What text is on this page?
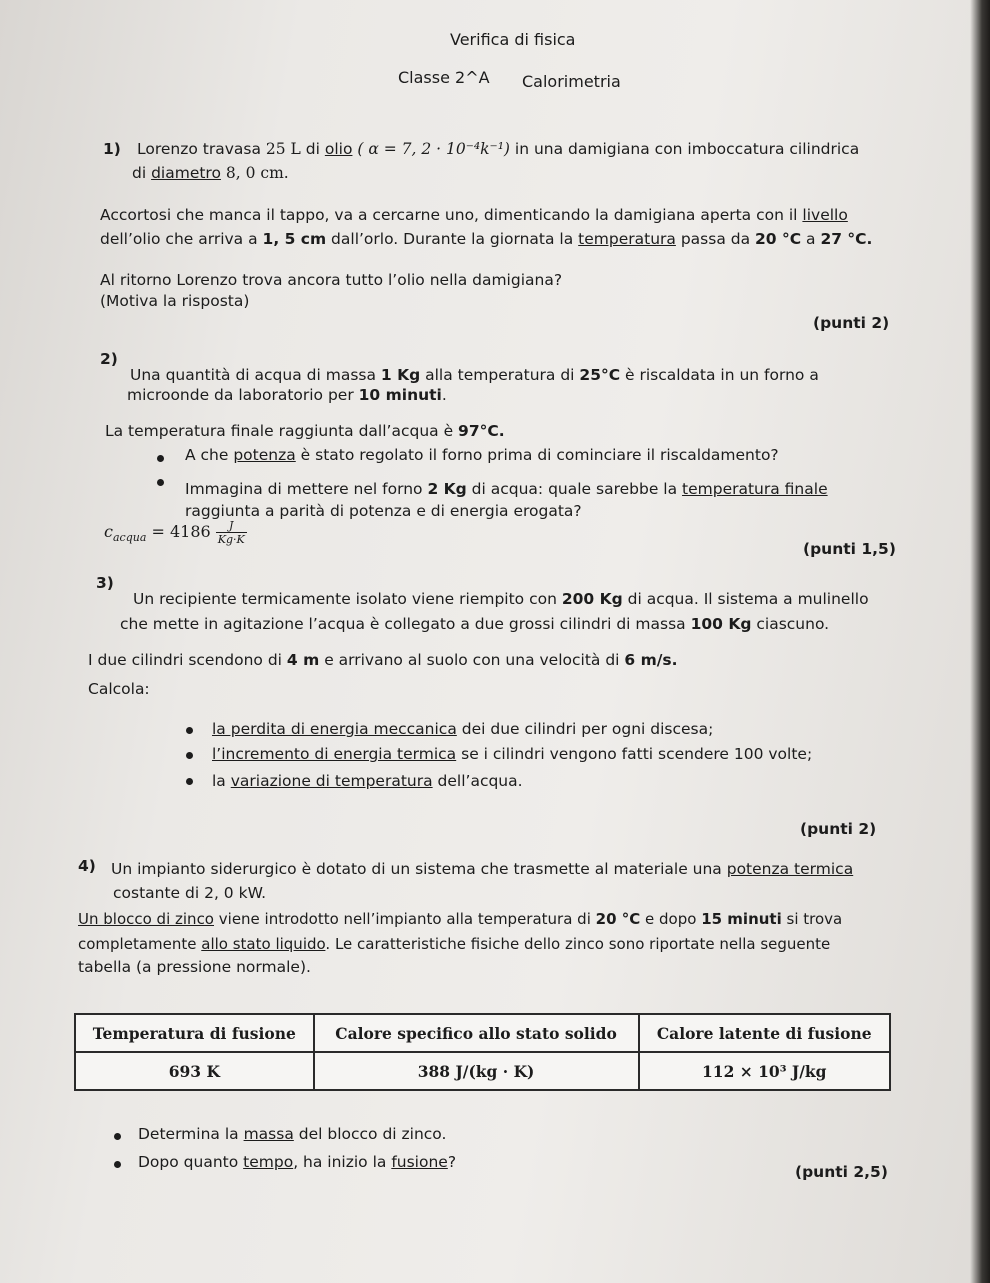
Verifica di fisica
Classe 2^A Calorimetria
1) Lorenzo travasa 25 L di olio ( α = 7, 2 · 10⁻⁴k⁻¹) in una damigiana con imboccatura cilindrica
di diametro 8, 0 cm.
Accortosi che manca il tappo, va a cercarne uno, dimenticando la damigiana aperta con il livello
dell’olio che arriva a 1, 5 cm dall’orlo. Durante la giornata la temperatura passa da 20 °C a 27 °C.
Al ritorno Lorenzo trova ancora tutto l’olio nella damigiana?
(Motiva la risposta)
(punti 2)
2)
Una quantità di acqua di massa 1 Kg alla temperatura di 25°C è riscaldata in un forno a
microonde da laboratorio per 10 minuti.
La temperatura finale raggiunta dall’acqua è 97°C.
A che potenza è stato regolato il forno prima di cominciare il riscaldamento?
Immagina di mettere nel forno 2 Kg di acqua: quale sarebbe la temperatura finale
raggiunta a parità di potenza e di energia erogata?
$c_{acqua} = 4186 \frac{J}{Kg\cdot K}$
(punti 1,5)
3)
Un recipiente termicamente isolato viene riempito con 200 Kg di acqua. Il sistema a mulinello
che mette in agitazione l’acqua è collegato a due grossi cilindri di massa 100 Kg ciascuno.
I due cilindri scendono di 4 m e arrivano al suolo con una velocità di 6 m/s.
Calcola:
la perdita di energia meccanica dei due cilindri per ogni discesa;
l’incremento di energia termica se i cilindri vengono fatti scendere 100 volte;
la variazione di temperatura dell’acqua.
(punti 2)
4) Un impianto siderurgico è dotato di un sistema che trasmette al materiale una potenza termica
costante di 2, 0 kW.
Un blocco di zinco viene introdotto nell’impianto alla temperatura di 20 °C e dopo 15 minuti si trova
completamente allo stato liquido. Le caratteristiche fisiche dello zinco sono riportate nella seguente
tabella (a pressione normale).
Temperatura di fusione	Calore specifico allo stato solido	Calore latente di fusione
693 K	388 J/(kg · K)	112 × 10³ J/kg
Determina la massa del blocco di zinco.
Dopo quanto tempo, ha inizio la fusione?
(punti 2,5)
